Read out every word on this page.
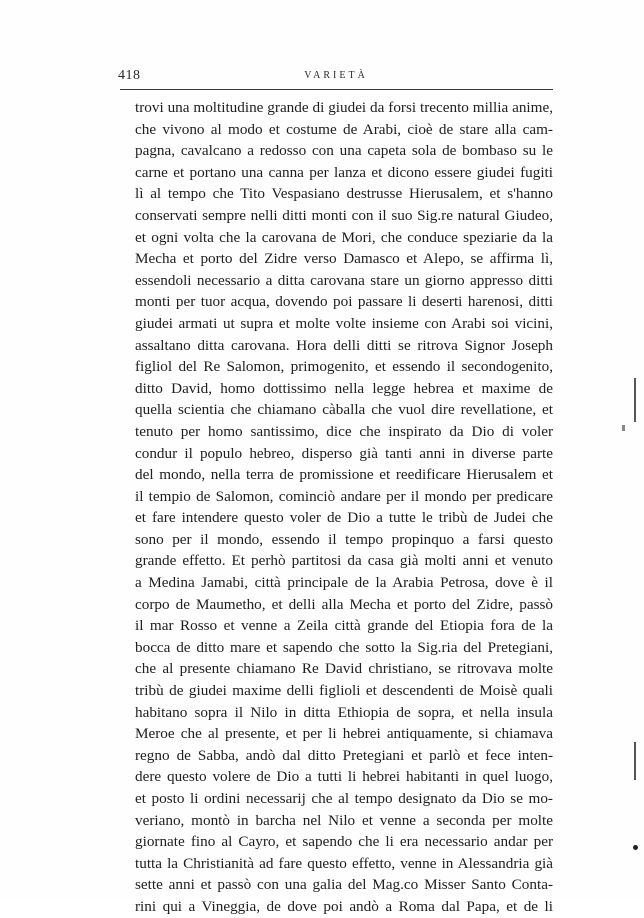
418	VARIETÀ
trovi una moltitudine grande di giudei da forsi trecento millia anime,
che vivono al modo et costume de Arabi, cioè de stare alla cam-
pagna, cavalcano a redosso con una capeta sola de bombaso su le
carne et portano una canna per lanza et dicono essere giudei fugiti
lì al tempo che Tito Vespasiano destrusse Hierusalem, et s'hanno
conservati sempre nelli ditti monti con il suo Sig.re natural Giudeo,
et ogni volta che la carovana de Mori, che conduce speziarie da la
Mecha et porto del Zidre verso Damasco et Alepo, se affirma lì,
essendoli necessario a ditta carovana stare un giorno appresso ditti
monti per tuor acqua, dovendo poi passare li deserti harenosi, ditti
giudei armati ut supra et molte volte insieme con Arabi soi vicini,
assaltano ditta carovana. Hora delli ditti se ritrova Signor Joseph
figliol del Re Salomon, primogenito, et essendo il secondogenito,
ditto David, homo dottissimo nella legge hebrea et maxime de
quella scientia che chiamano càballa che vuol dire revellatione, et
tenuto per homo santissimo, dice che inspirato da Dio di voler
condur il populo hebreo, disperso già tanti anni in diverse parte
del mondo, nella terra de promissione et reedificare Hierusalem et
il tempio de Salomon, cominciò andare per il mondo per predicare
et fare intendere questo voler de Dio a tutte le tribù de Judei che
sono per il mondo, essendo il tempo propinquo a farsi questo
grande effetto. Et perhò partitosi da casa già molti anni et venuto
a Medina Jamabi, città principale de la Arabia Petrosa, dove è il
corpo de Maumetho, et delli alla Mecha et porto del Zidre, passò
il mar Rosso et venne a Zeila città grande del Etiopia fora de la
bocca de ditto mare et sapendo che sotto la Sig.ria del Pretegiani,
che al presente chiamano Re David christiano, se ritrovava molte
tribù de giudei maxime delli figlioli et descendenti de Moisè quali
habitano sopra il Nilo in ditta Ethiopia de sopra, et nella insula
Meroe che al presente, et per li hebrei antiquamente, si chiamava
regno de Sabba, andò dal ditto Pretegiani et parlò et fece inten-
dere questo volere de Dio a tutti li hebrei habitanti in quel luogo,
et posto li ordini necessarij che al tempo designato da Dio se mo-
veriano, montò in barcha nel Nilo et venne a seconda per molte
giornate fino al Cayro, et sapendo che li era necessario andar per
tutta la Christianità ad fare questo effetto, venne in Alessandria già
sette anni et passò con una galia del Mag.co Misser Santo Conta-
rini qui a Vineggia, de dove poi andò a Roma dal Papa, et de li
